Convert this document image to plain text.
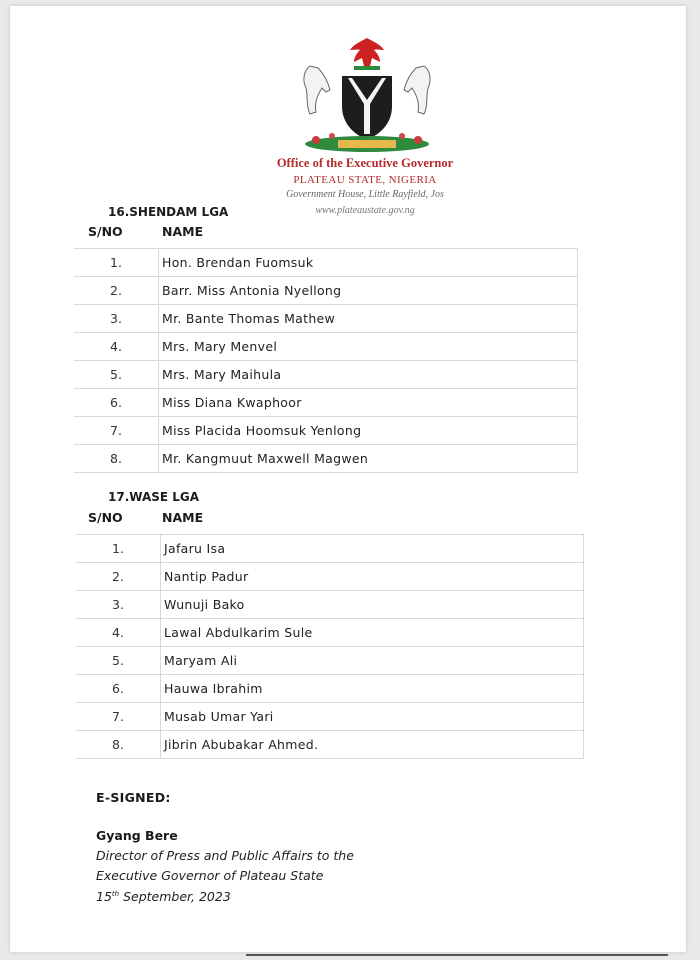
Office of the Executive Governor
PLATEAU STATE, NIGERIA
Government House, Little Rayfield, Jos
www.plateaustate.gov.ng
16.SHENDAM LGA
S/NO	NAME
1.	Hon. Brendan Fuomsuk	
2.	Barr. Miss Antonia Nyellong	
3.	Mr. Bante Thomas Mathew	
4.	Mrs. Mary Menvel	
5.	Mrs. Mary Maihula	
6.	Miss Diana Kwaphoor	
7.	Miss Placida Hoomsuk Yenlong	
8.	Mr. Kangmuut Maxwell Magwen	
17.WASE LGA
S/NO	NAME
1.	Jafaru Isa	
2.	Nantip Padur	
3.	Wunuji Bako	
4.	Lawal Abdulkarim Sule	
5.	Maryam Ali	
6.	Hauwa Ibrahim	
7.	Musab Umar Yari	
8.	Jibrin Abubakar Ahmed.	
E-SIGNED:
Gyang Bere
Director of Press and Public Affairs to the
Executive Governor of Plateau State
15th September, 2023
